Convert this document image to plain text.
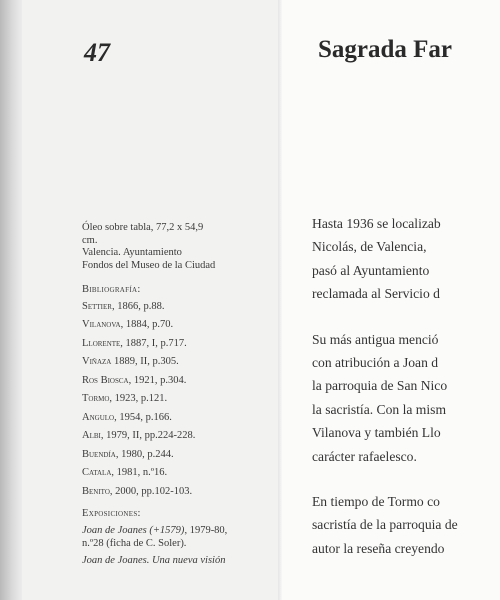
47	Sagrada Far

Óleo sobre tabla, 77,2 x 54,9

cm.

Valencia. Ayuntamiento

Fondos del Museo de la Ciudad

Bibliografía:

Settier, 1866, p.88.
Vilanova, 1884, p.70.
Llorente, 1887, I, p.717.
Viñaza 1889, II, p.305.
Ros Biosca, 1921, p.304.
Tormo, 1923, p.121.
Angulo, 1954, p.166.
Albi, 1979, II, pp.224-228.
Buendía, 1980, p.244.
Catala, 1981, n.º16.
Benito, 2000, pp.102-103.

Exposiciones:

Joan de Joanes (+1579), 1979-80,
n.º28 (ficha de C. Soler).

Joan de Joanes. Una nueva visión

Hasta 1936 se localizab

Nicolás, de Valencia,

pasó al Ayuntamiento

reclamada al Servicio d

Su más antigua menció

con atribución a Joan d

la parroquia de San Nico

la sacristía. Con la mism

Vilanova y también Llo

carácter rafaelesco.

En tiempo de Tormo co

sacristía de la parroquia de

autor la reseña creyendo
